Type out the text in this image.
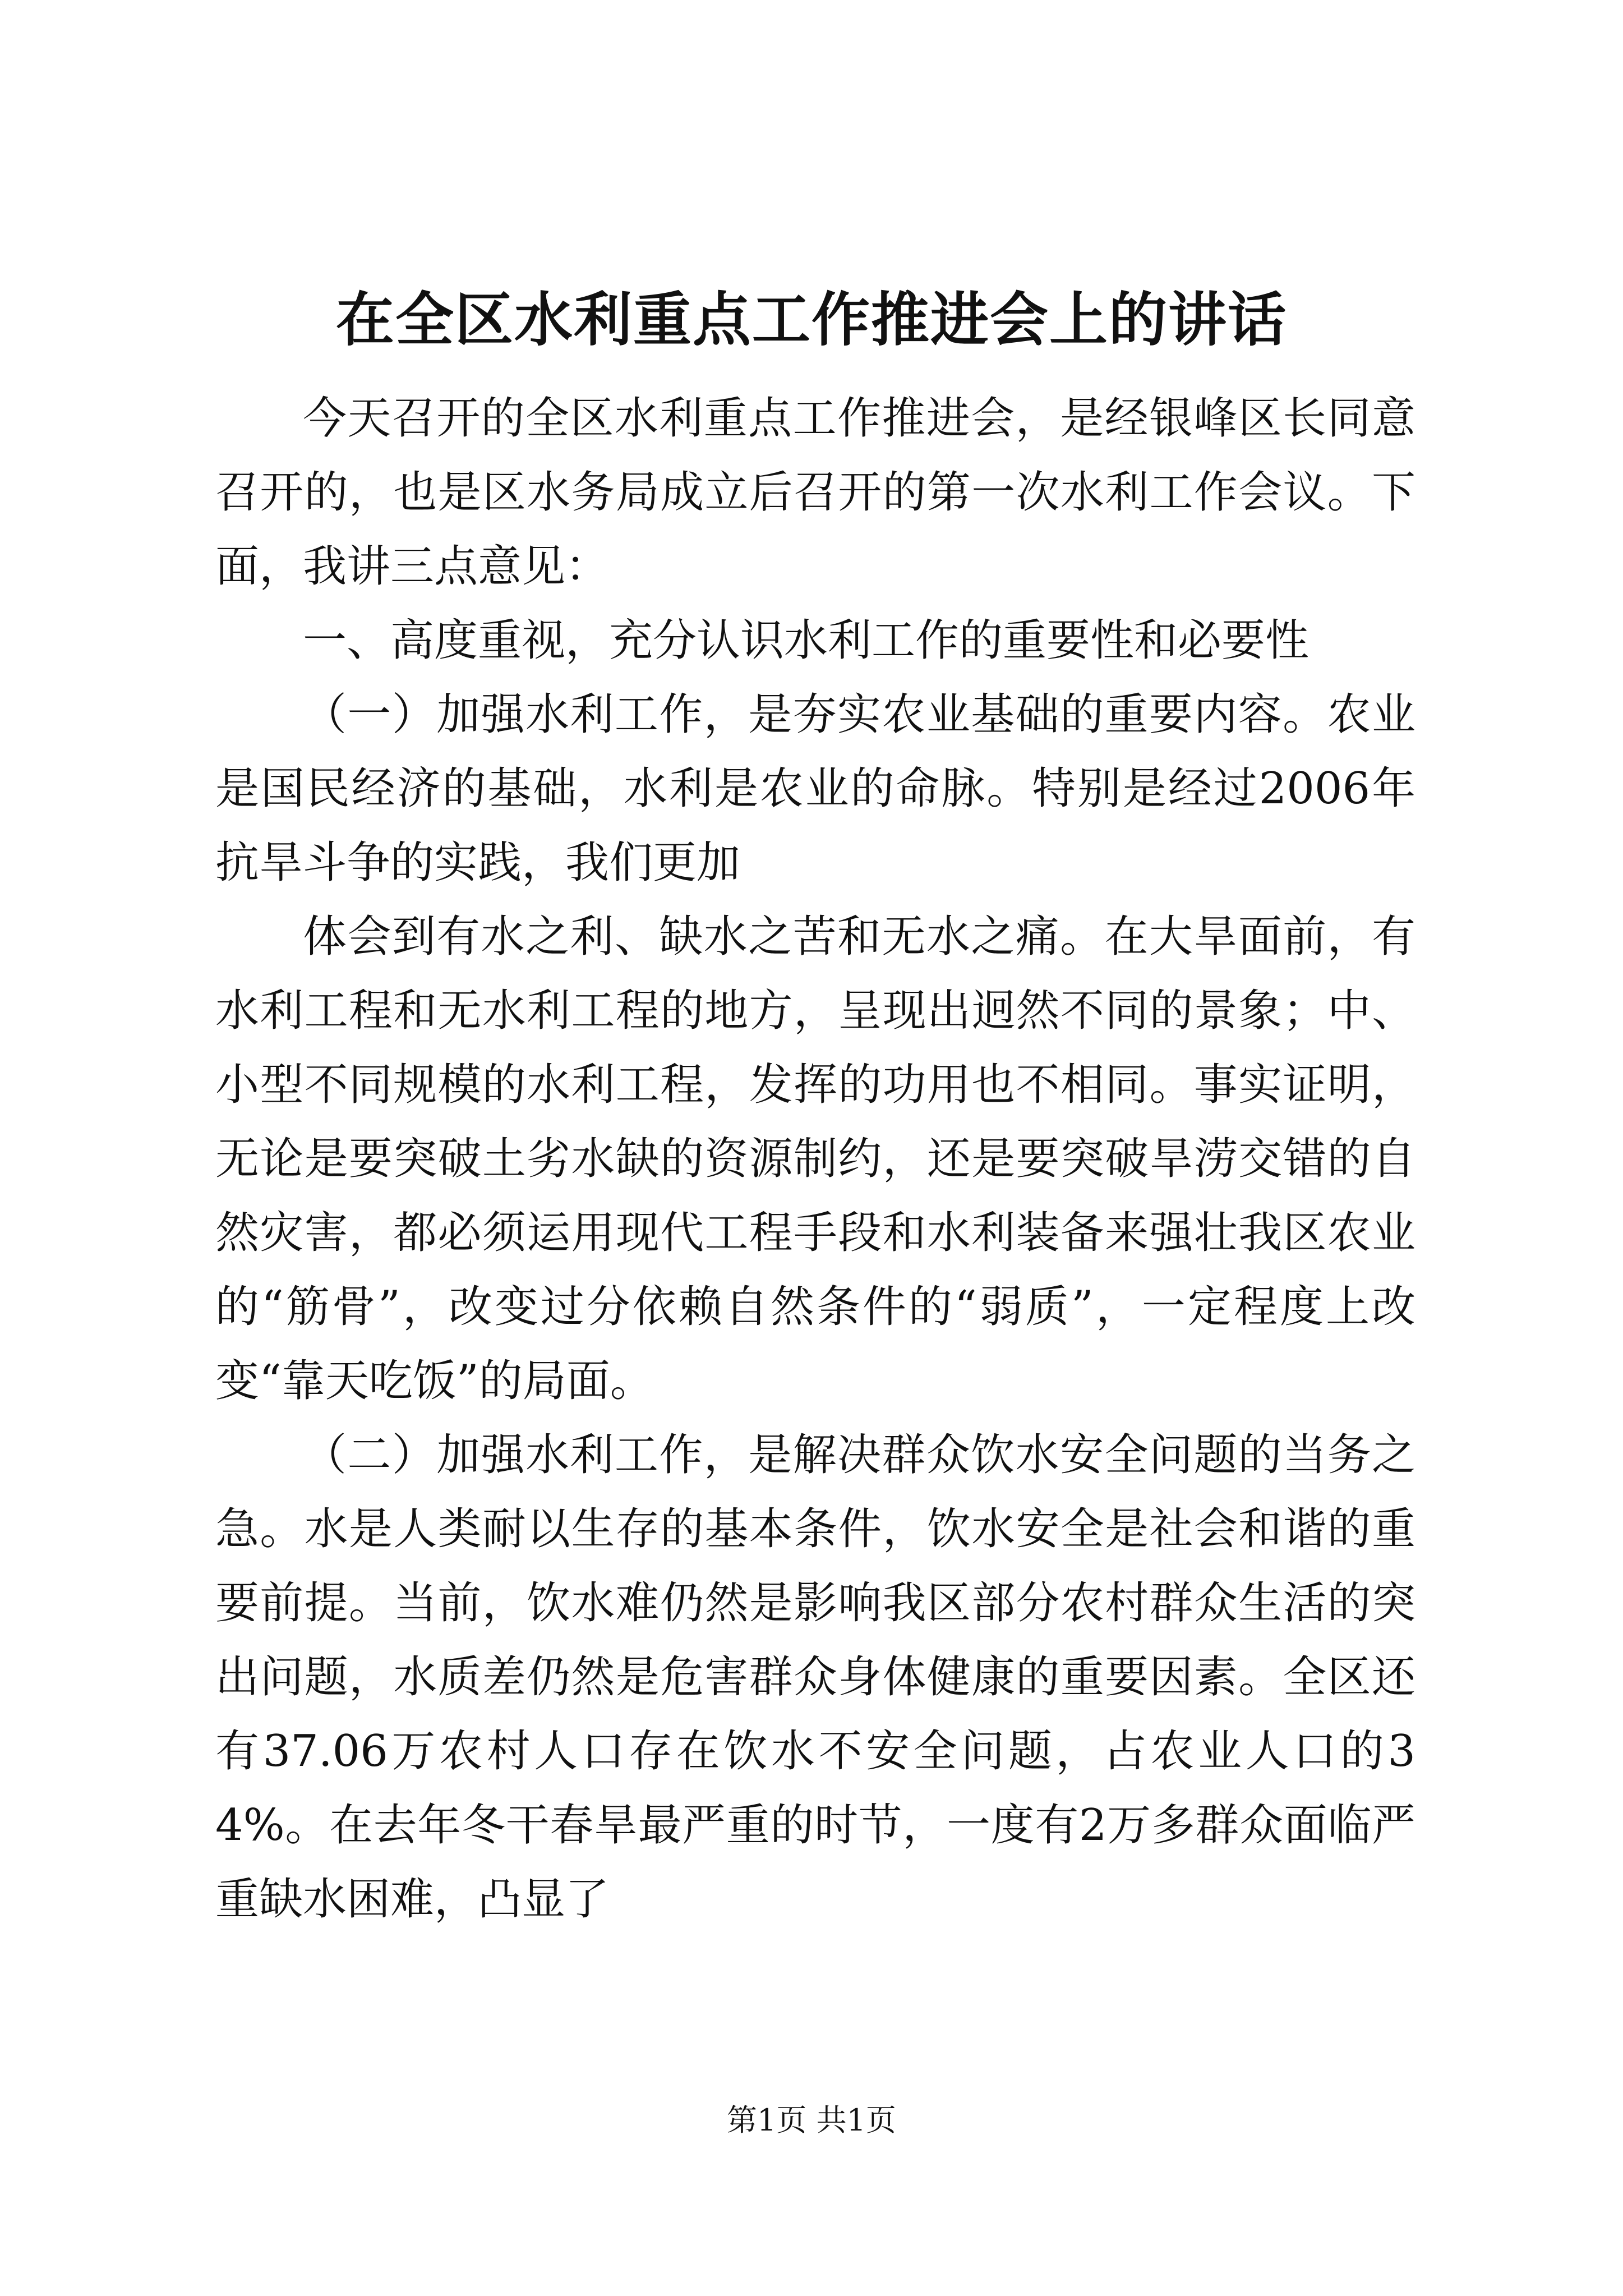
在全区水利重点工作推进会上的讲话

今天召开的全区水利重点工作推进会，是经银峰区长同意召开的，也是区水务局成立后召开的第一次水利工作会议。下面，我讲三点意见：

一、高度重视，充分认识水利工作的重要性和必要性

（一）加强水利工作，是夯实农业基础的重要内容。农业是国民经济的基础，水利是农业的命脉。特别是经过2006年抗旱斗争的实践，我们更加

体会到有水之利、缺水之苦和无水之痛。在大旱面前，有水利工程和无水利工程的地方，呈现出迥然不同的景象；中、小型不同规模的水利工程，发挥的功用也不相同。事实证明，无论是要突破土劣水缺的资源制约，还是要突破旱涝交错的自然灾害，都必须运用现代工程手段和水利装备来强壮我区农业的“筋骨”，改变过分依赖自然条件的“弱质”，一定程度上改变“靠天吃饭”的局面。

（二）加强水利工作，是解决群众饮水安全问题的当务之急。水是人类耐以生存的基本条件，饮水安全是社会和谐的重要前提。当前，饮水难仍然是影响我区部分农村群众生活的突出问题，水质差仍然是危害群众身体健康的重要因素。全区还有37.06万农村人口存在饮水不安全问题，占农业人口的34%。在去年冬干春旱最严重的时节，一度有2万多群众面临严重缺水困难，凸显了

第1页 共1页
